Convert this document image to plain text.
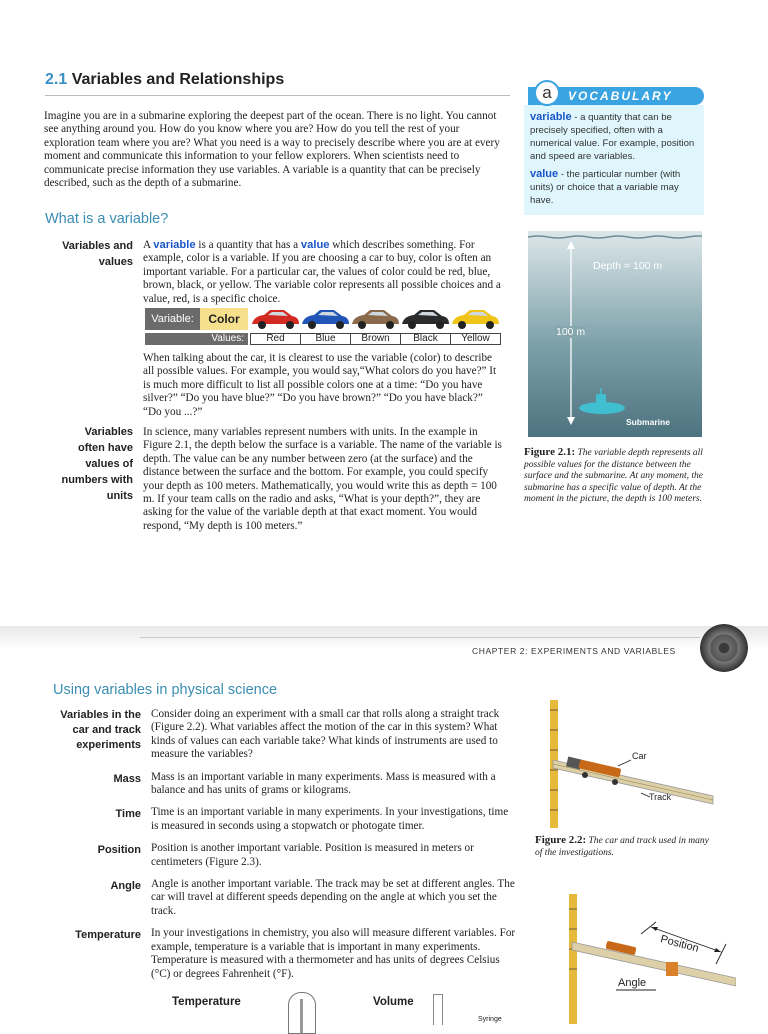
2.1 Variables and Relationships
Imagine you are in a submarine exploring the deepest part of the ocean. There is no light. You cannot see anything around you. How do you know where you are? How do you tell the rest of your exploration team where you are? What you need is a way to precisely describe where you are at every moment and communicate this information to your fellow explorers. When scientists need to communicate precise information they use variables. A variable is a quantity that can be precisely described, such as the depth of a submarine.
What is a variable?
Variables and values
A variable is a quantity that has a value which describes something. For example, color is a variable. If you are choosing a car to buy, color is often an important variable. For a particular car, the values of color could be red, blue, brown, black, or yellow. The variable color represents all possible choices and a value, red, is a specific choice.
Variable:	Color
Values:	Red	Blue	Brown	Black	Yellow
When talking about the car, it is clearest to use the variable (color) to describe all possible values. For example, you would say,“What colors do you have?” It is much more difficult to list all possible colors one at a time: “Do you have silver?” “Do you have blue?” “Do you have brown?” “Do you have black?” “Do you ...?”
Variables often have values of numbers with units
In science, many variables represent numbers with units. In the example in Figure 2.1, the depth below the surface is a variable. The name of the variable is depth. The value can be any number between zero (at the surface) and the distance between the surface and the bottom. For example, you could specify your depth as 100 meters. Mathematically, you would write this as depth = 100 m. If your team calls on the radio and asks, “What is your depth?”, they are asking for the value of the variable depth at that exact moment. You would respond, “My depth is 100 meters.”
a	VOCABULARY
variable - a quantity that can be precisely specified, often with a numerical value. For example, position and speed are variables.
value - the particular number (with units) or choice that a variable may have.
Depth = 100 m
100 m
Submarine
Figure 2.1: The variable depth represents all possible values for the distance between the surface and the submarine. At any moment, the submarine has a specific value of depth. At the moment in the picture, the depth is 100 meters.
CHAPTER 2: EXPERIMENTS AND VARIABLES
Using variables in physical science
Variables in the car and track experiments
Consider doing an experiment with a small car that rolls along a straight track (Figure 2.2). What variables affect the motion of the car in this system? What kinds of values can each variable take? What kinds of instruments are used to measure the variables?
Mass Mass is an important variable in many experiments. Mass is measured with a balance and has units of grams or kilograms.
Time Time is an important variable in many experiments. In your investigations, time is measured in seconds using a stopwatch or photogate timer.
Position Position is another important variable. Position is measured in meters or centimeters (Figure 2.3).
Angle Angle is another important variable. The track may be set at different angles. The car will travel at different speeds depending on the angle at which you set the track.
Temperature In your investigations in chemistry, you also will measure different variables. For example, temperature is a variable that is important in many experiments. Temperature is measured with a thermometer and has units of degrees Celsius (°C) or degrees Fahrenheit (°F).
Car
Track
Figure 2.2: The car and track used in many of the investigations.
Position
Angle
Temperature	Volume
Syringe
